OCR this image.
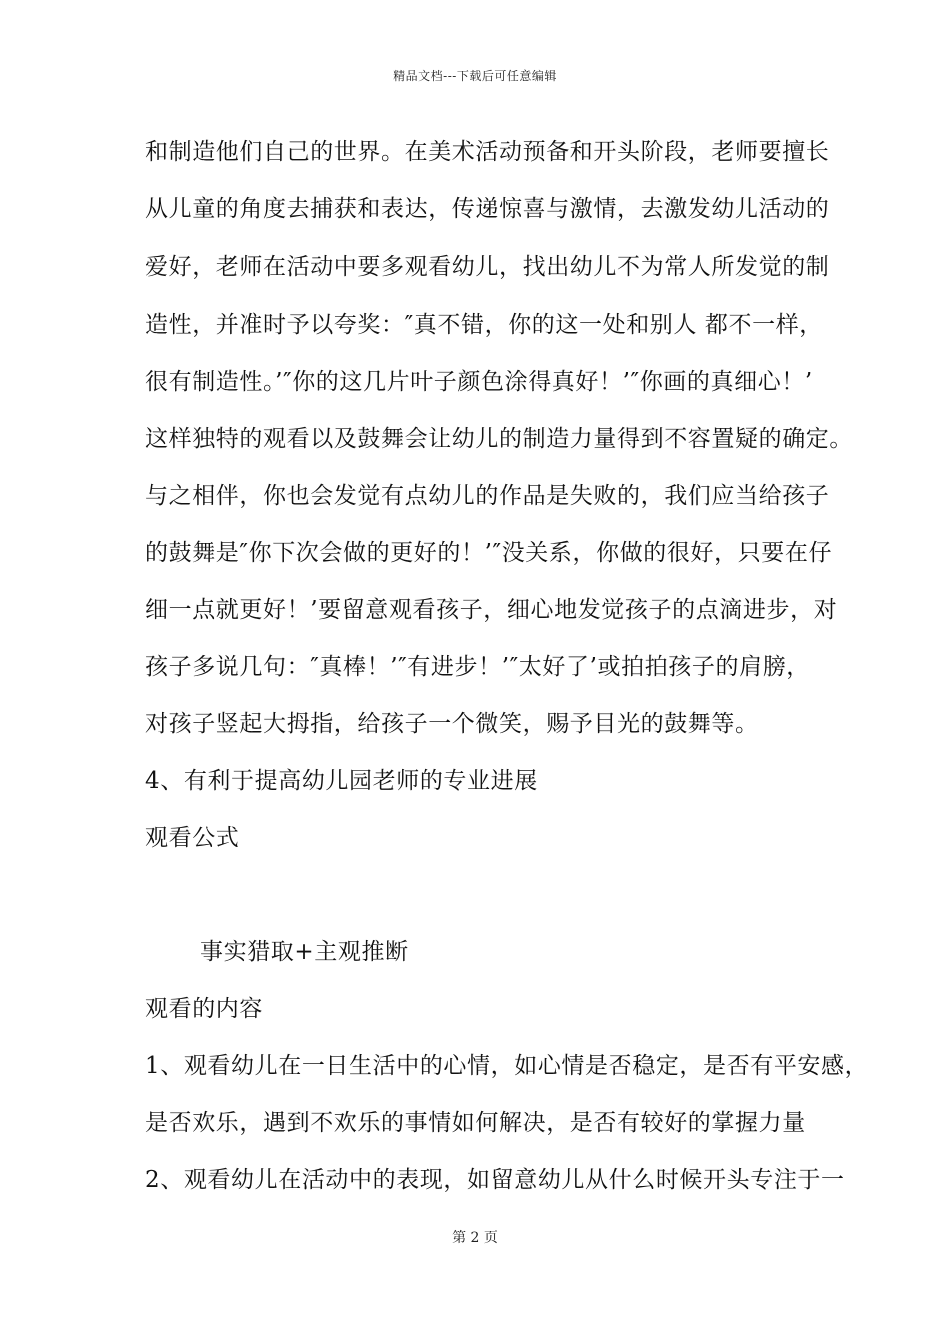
精品文档---下载后可任意编辑
和制造他们自己的世界。在美术活动预备和开头阶段，老师要擅长
从儿童的角度去捕获和表达，传递惊喜与激情，去激发幼儿活动的
爱好，老师在活动中要多观看幼儿，找出幼儿不为常人所发觉的制
造性，并准时予以夸奖：″真不错，你的这一处和别人 都不一样，
很有制造性。’″你的这几片叶子颜色涂得真好！’″你画的真细心！’
这样独特的观看以及鼓舞会让幼儿的制造力量得到不容置疑的确定。
与之相伴，你也会发觉有点幼儿的作品是失败的，我们应当给孩子
的鼓舞是″你下次会做的更好的！’″没关系，你做的很好，只要在仔
细一点就更好！’要留意观看孩子，细心地发觉孩子的点滴进步，对
孩子多说几句：″真棒！’″有进步！’″太好了’或拍拍孩子的肩膀，
对孩子竖起大拇指，给孩子一个微笑，赐予目光的鼓舞等。
4、有利于提高幼儿园老师的专业进展
观看公式
事实猎取+主观推断
观看的内容
1、观看幼儿在一日生活中的心情，如心情是否稳定，是否有平安感，
是否欢乐，遇到不欢乐的事情如何解决，是否有较好的掌握力量
2、观看幼儿在活动中的表现，如留意幼儿从什么时候开头专注于一
第 2 页
